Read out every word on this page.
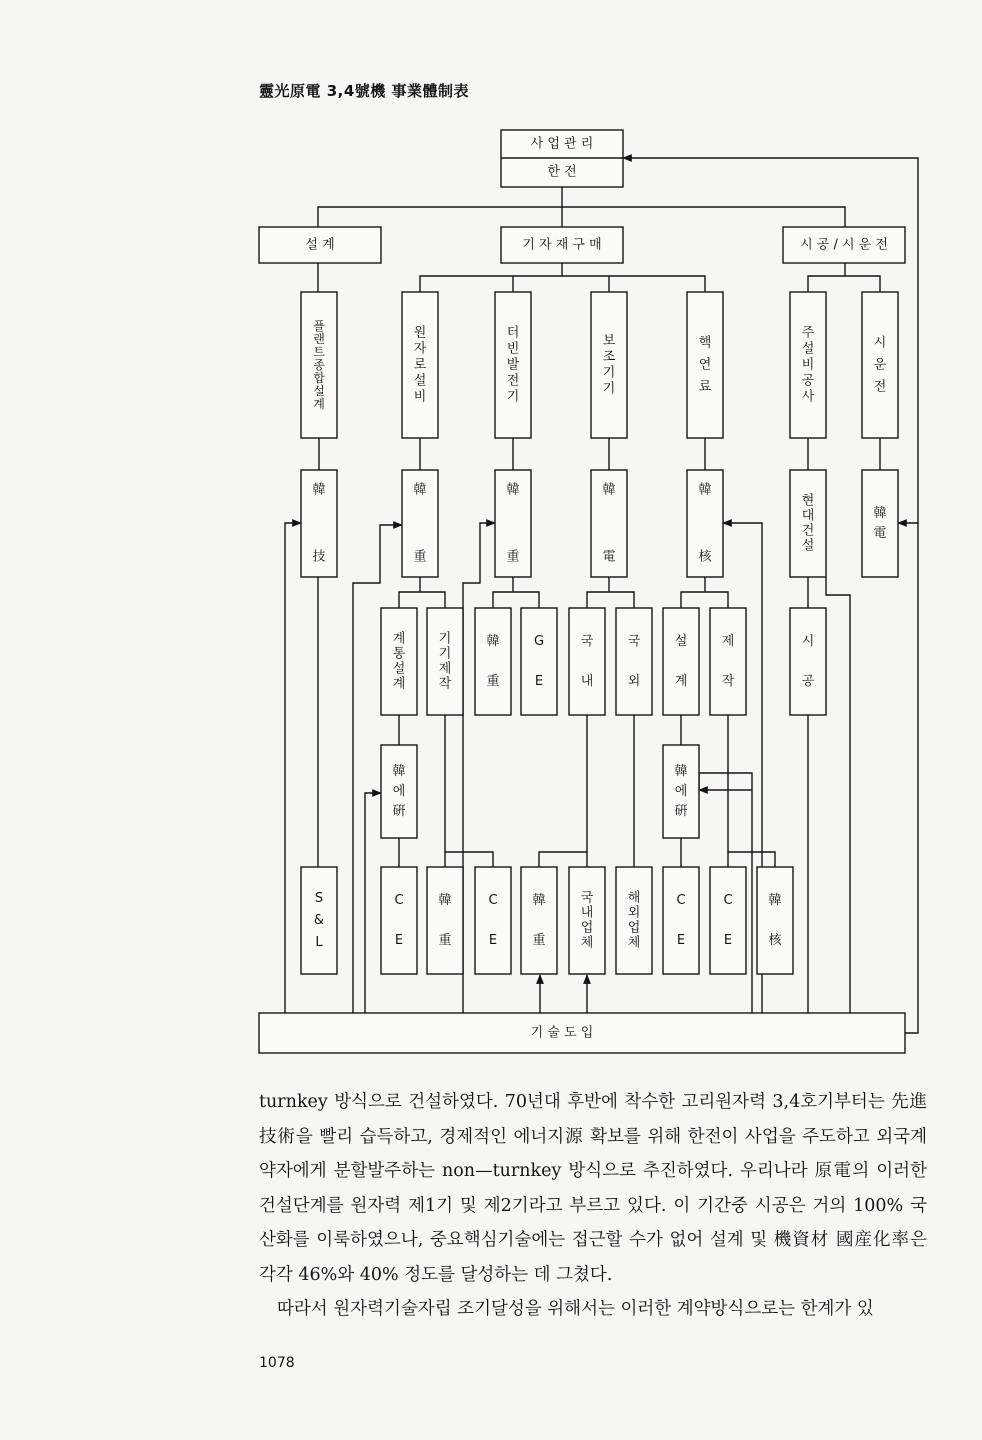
靈光原電 3,4號機 事業體制表
사 업 관 리
한 전
설 계	기 자 재 구 매	시 공 / 시 운 전
플
랜
트
종
합
설
계
원
자
로
설
비
터
빈
발
전
기
보
조
기
기
핵
연
료
주
설
비
공
사
시
운
전
韓
技
韓
重
韓
重
韓
電
韓
核
현
대
건
설
韓
電
계
통
설
계
기
기
제
작
韓
重
G
E
국
내
국
외
설
계
제
작
시
공
韓
에
硏
韓
에
硏
S
&
L
C
E
韓
重
C
E
韓
重
국
내
업
체
해
외
업
체
C
E
C
E
韓
核
기 술 도 입

turnkey 방식으로 건설하였다. 70년대 후반에 착수한 고리원자력 3,4호기부터는 先進技術을 빨리 습득하고, 경제적인 에너지源 확보를 위해 한전이 사업을 주도하고 외국계약자에게 분할발주하는 non—turnkey 방식으로 추진하였다. 우리나라 原電의 이러한 건설단계를 원자력 제1기 및 제2기라고 부르고 있다. 이 기간중 시공은 거의 100% 국산화를 이룩하였으나, 중요핵심기술에는 접근할 수가 없어 설계 및 機資材 國産化率은 각각 46%와 40% 정도를 달성하는 데 그쳤다.

따라서 원자력기술자립 조기달성을 위해서는 이러한 계약방식으로는 한계가 있

1078
